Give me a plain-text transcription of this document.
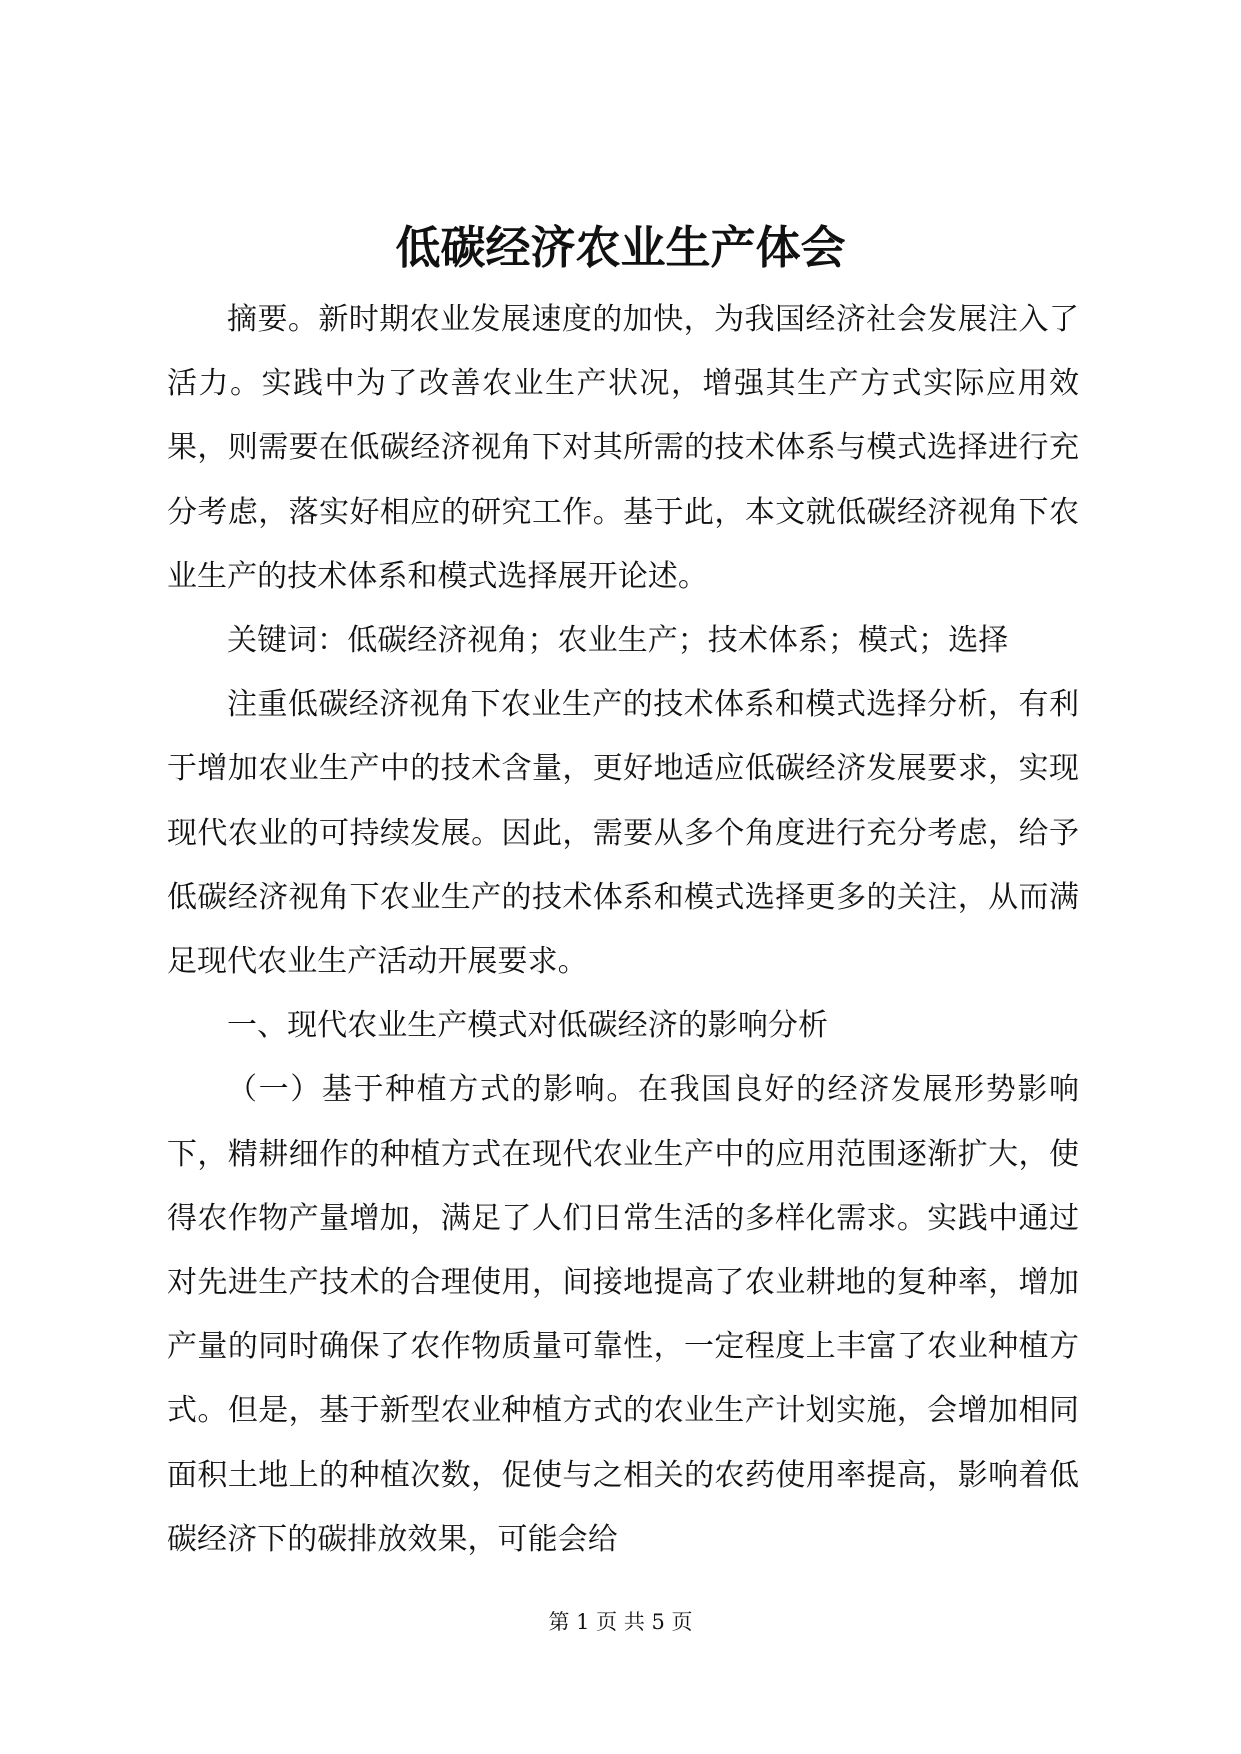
低碳经济农业生产体会

摘要。新时期农业发展速度的加快，为我国经济社会发展注入了活力。实践中为了改善农业生产状况，增强其生产方式实际应用效果，则需要在低碳经济视角下对其所需的技术体系与模式选择进行充分考虑，落实好相应的研究工作。基于此，本文就低碳经济视角下农业生产的技术体系和模式选择展开论述。

关键词：低碳经济视角；农业生产；技术体系；模式；选择

注重低碳经济视角下农业生产的技术体系和模式选择分析，有利于增加农业生产中的技术含量，更好地适应低碳经济发展要求，实现现代农业的可持续发展。因此，需要从多个角度进行充分考虑，给予低碳经济视角下农业生产的技术体系和模式选择更多的关注，从而满足现代农业生产活动开展要求。

一、现代农业生产模式对低碳经济的影响分析

（一）基于种植方式的影响。在我国良好的经济发展形势影响下，精耕细作的种植方式在现代农业生产中的应用范围逐渐扩大，使得农作物产量增加，满足了人们日常生活的多样化需求。实践中通过对先进生产技术的合理使用，间接地提高了农业耕地的复种率，增加产量的同时确保了农作物质量可靠性，一定程度上丰富了农业种植方式。但是，基于新型农业种植方式的农业生产计划实施，会增加相同面积土地上的种植次数，促使与之相关的农药使用率提高，影响着低碳经济下的碳排放效果，可能会给

第 1 页 共 5 页
